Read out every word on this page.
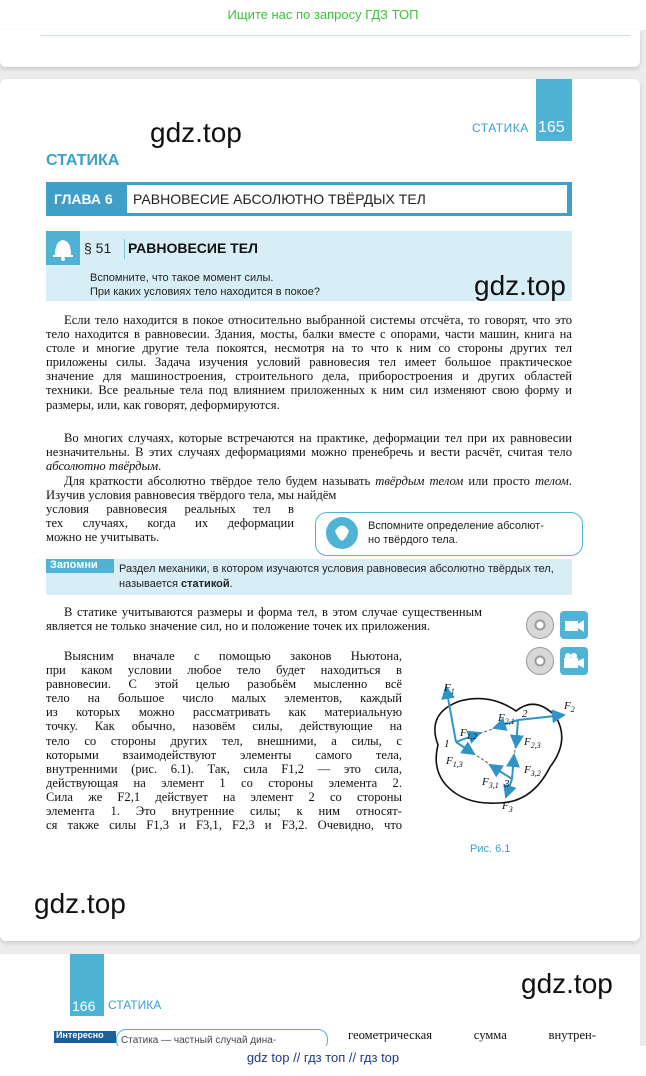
Ищите нас по запросу ГДЗ ТОП
gdz.top	СТАТИКА 165
СТАТИКА
ГЛАВА 6 РАВНОВЕСИЕ АБСОЛЮТНО ТВЁРДЫХ ТЕЛ
§ 51 РАВНОВЕСИЕ ТЕЛ
Вспомните, что такое момент силы.
При каких условиях тело находится в покое?	gdz.top
Если тело находится в покое относительно выбранной системы отсчёта, то говорят, что это тело находится в равновесии. Здания, мосты, балки вместе с опорами, части машин, книга на столе и многие другие тела покоятся, несмотря на то что к ним со стороны других тел приложены силы. Задача изучения условий равновесия тел имеет большое практическое значение для машиностроения, строительного дела, приборостроения и других областей техники. Все реальные тела под влиянием приложенных к ним сил изменяют свою форму и размеры, или, как говорят, деформируются.
Во многих случаях, которые встречаются на практике, деформации тел при их равновесии незначительны. В этих случаях деформациями можно пренебречь и вести расчёт, считая тело абсолютно твёрдым.
Для краткости абсолютно твёрдое тело будем называть твёрдым телом или просто телом. Изучив условия равновесия твёрдого тела, мы найдём
условия равновесия реальных тел в
тех случаях, когда их деформации
можно не учитывать.
Вспомните определение абсолют-
но твёрдого тела.
Запомни Раздел механики, в котором изучаются условия равновесия абсолютно твёрдых тел, называется статикой.
В статике учитываются размеры и форма тел, в этом случае существенным является не только значение сил, но и положение точек их приложения.
Выясним вначале с помощью законов Ньютона,
при каком условии любое тело будет находиться в
равновесии. С этой целью разобьём мысленно всё
тело на большое число малых элементов, каждый
из которых можно рассматривать как материальную
точку. Как обычно, назовём силы, действующие на
тело со стороны других тел, внешними, а силы, с
которыми взаимодействуют элементы самого тела,
внутренними (рис. 6.1). Так, сила F1,2 — это сила,
действующая на элемент 1 со стороны элемента 2.
Сила же F2,1 действует на элемент 2 со стороны
элемента 1. Это внутренние силы; к ним относят-
ся также силы F1,3 и F3,1, F2,3 и F3,2. Очевидно, что
$F_1$
$F_{1,2}$
$F_{1,3}$
$F_{2,1}$
$F_{2,3}$
$F_{3,1}$
$F_{3,2}$
$F_2$
$F_3$
1
2
3
Рис. 6.1
gdz.top
166 СТАТИКА
gdz.top
Интересно Статика — частный случай дина-	геометрическая сумма внутрен-
gdz top // гдз топ // гдз top
